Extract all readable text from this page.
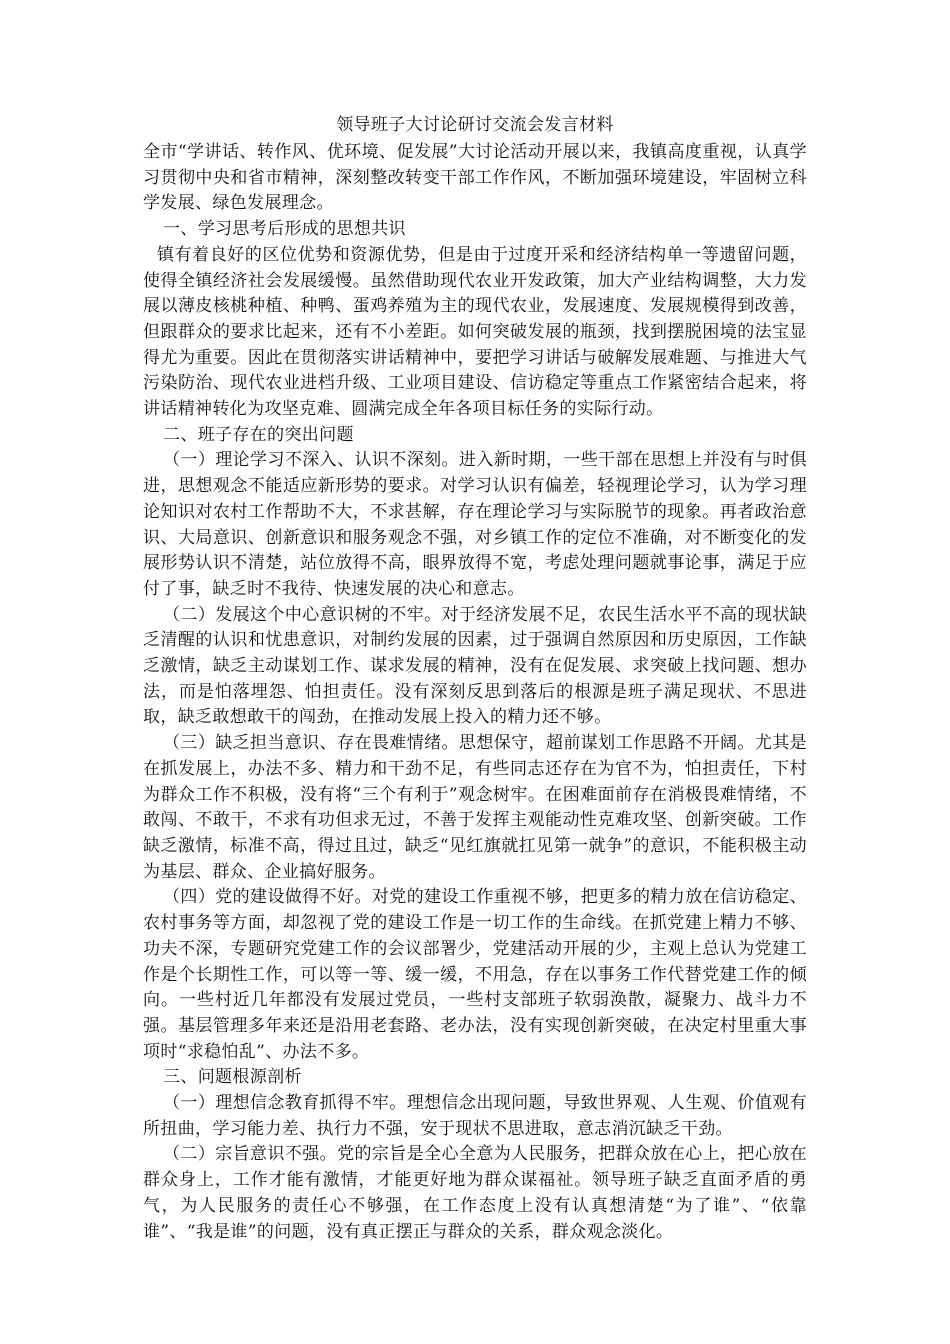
领导班子大讨论研讨交流会发言材料

全市“学讲话、转作风、优环境、促发展”大讨论活动开展以来，我镇高度重视，认真学习贯彻中央和省市精神，深刻整改转变干部工作作风，不断加强环境建设，牢固树立科学发展、绿色发展理念。

一、学习思考后形成的思想共识

镇有着良好的区位优势和资源优势，但是由于过度开采和经济结构单一等遗留问题，使得全镇经济社会发展缓慢。虽然借助现代农业开发政策，加大产业结构调整，大力发展以薄皮核桃种植、种鸭、蛋鸡养殖为主的现代农业，发展速度、发展规模得到改善，但跟群众的要求比起来，还有不小差距。如何突破发展的瓶颈，找到摆脱困境的法宝显得尤为重要。因此在贯彻落实讲话精神中，要把学习讲话与破解发展难题、与推进大气污染防治、现代农业进档升级、工业项目建设、信访稳定等重点工作紧密结合起来，将讲话精神转化为攻坚克难、圆满完成全年各项目标任务的实际行动。

二、班子存在的突出问题

（一）理论学习不深入、认识不深刻。进入新时期，一些干部在思想上并没有与时俱进，思想观念不能适应新形势的要求。对学习认识有偏差，轻视理论学习，认为学习理论知识对农村工作帮助不大，不求甚解，存在理论学习与实际脱节的现象。再者政治意识、大局意识、创新意识和服务观念不强，对乡镇工作的定位不准确，对不断变化的发展形势认识不清楚，站位放得不高，眼界放得不宽，考虑处理问题就事论事，满足于应付了事，缺乏时不我待、快速发展的决心和意志。

（二）发展这个中心意识树的不牢。对于经济发展不足，农民生活水平不高的现状缺乏清醒的认识和忧患意识，对制约发展的因素，过于强调自然原因和历史原因，工作缺乏激情，缺乏主动谋划工作、谋求发展的精神，没有在促发展、求突破上找问题、想办法，而是怕落埋怨、怕担责任。没有深刻反思到落后的根源是班子满足现状、不思进取，缺乏敢想敢干的闯劲，在推动发展上投入的精力还不够。

（三）缺乏担当意识、存在畏难情绪。思想保守，超前谋划工作思路不开阔。尤其是在抓发展上，办法不多、精力和干劲不足，有些同志还存在为官不为，怕担责任，下村为群众工作不积极，没有将“三个有利于”观念树牢。在困难面前存在消极畏难情绪，不敢闯、不敢干，不求有功但求无过，不善于发挥主观能动性克难攻坚、创新突破。工作缺乏激情，标准不高，得过且过，缺乏“见红旗就扛见第一就争”的意识，不能积极主动为基层、群众、企业搞好服务。

（四）党的建设做得不好。对党的建设工作重视不够，把更多的精力放在信访稳定、农村事务等方面，却忽视了党的建设工作是一切工作的生命线。在抓党建上精力不够、功夫不深，专题研究党建工作的会议部署少，党建活动开展的少，主观上总认为党建工作是个长期性工作，可以等一等、缓一缓，不用急，存在以事务工作代替党建工作的倾向。一些村近几年都没有发展过党员，一些村支部班子软弱涣散，凝聚力、战斗力不强。基层管理多年来还是沿用老套路、老办法，没有实现创新突破，在决定村里重大事项时“求稳怕乱”、办法不多。

三、问题根源剖析

（一）理想信念教育抓得不牢。理想信念出现问题，导致世界观、人生观、价值观有所扭曲，学习能力差、执行力不强，安于现状不思进取，意志消沉缺乏干劲。

（二）宗旨意识不强。党的宗旨是全心全意为人民服务，把群众放在心上，把心放在群众身上，工作才能有激情，才能更好地为群众谋福祉。领导班子缺乏直面矛盾的勇气，为人民服务的责任心不够强，在工作态度上没有认真想清楚“为了谁”、“依靠谁”、“我是谁”的问题，没有真正摆正与群众的关系，群众观念淡化。
